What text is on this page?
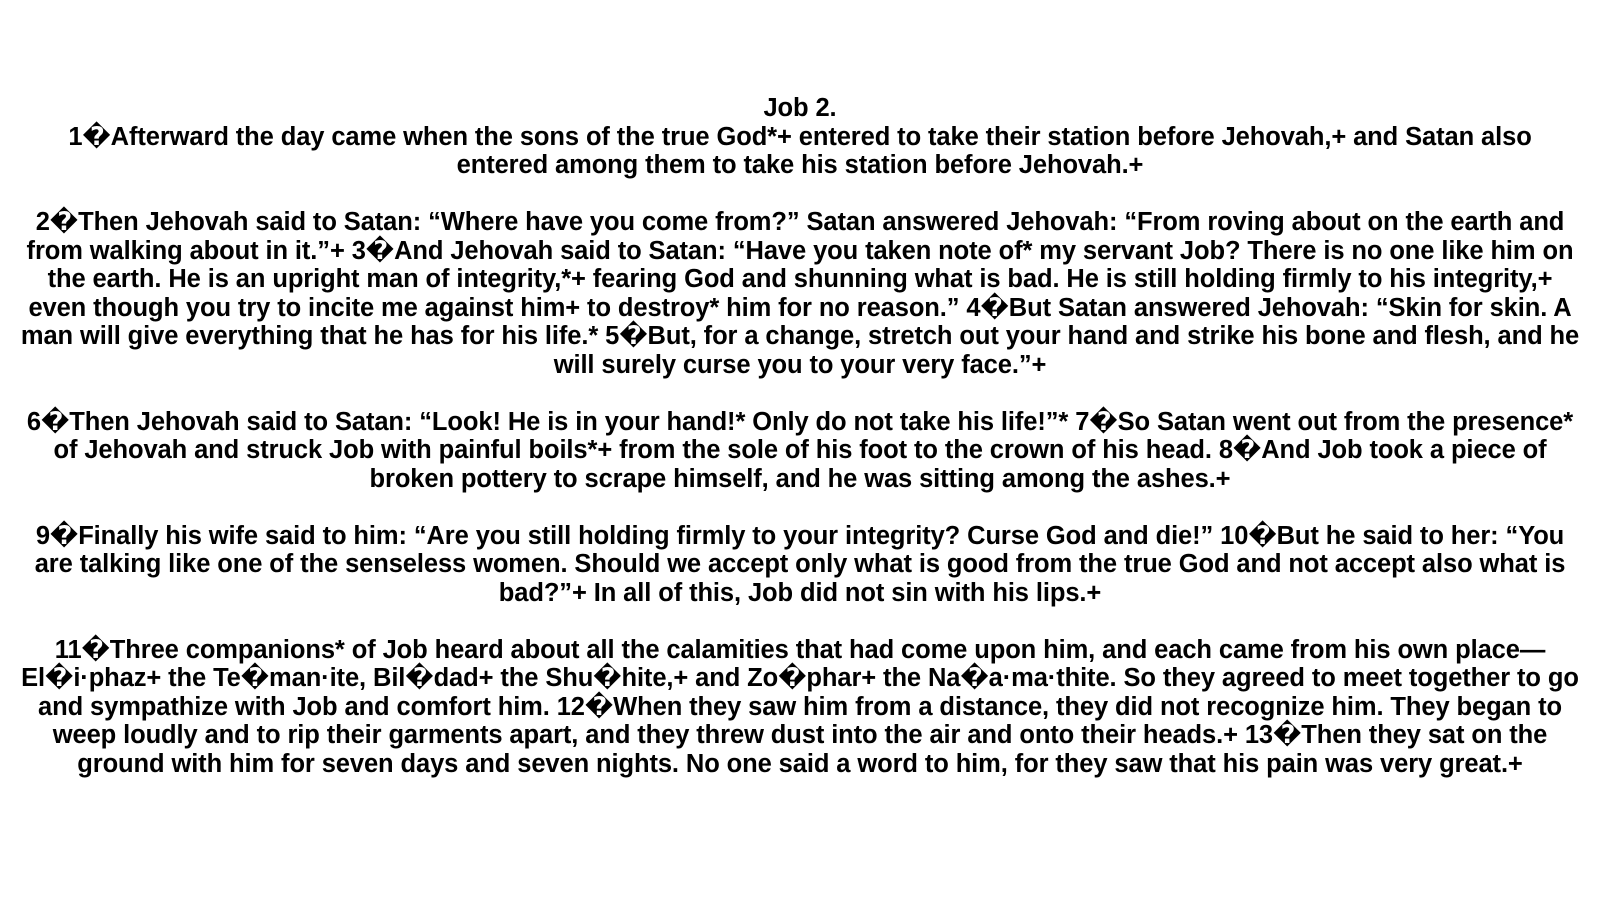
Job 2.

1�Afterward the day came when the sons of the true God*+ entered to take their station before Jehovah,+ and Satan also entered among them to take his station before Jehovah.+

2�Then Jehovah said to Satan: “Where have you come from?” Satan answered Jehovah: “From roving about on the earth and from walking about in it.”+ 3�And Jehovah said to Satan: “Have you taken note of* my servant Job? There is no one like him on the earth. He is an upright man of integrity,*+ fearing God and shunning what is bad. He is still holding firmly to his integrity,+ even though you try to incite me against him+ to destroy* him for no reason.” 4�But Satan answered Jehovah: “Skin for skin. A man will give everything that he has for his life.* 5�But, for a change, stretch out your hand and strike his bone and flesh, and he will surely curse you to your very face.”+

6�Then Jehovah said to Satan: “Look! He is in your hand!* Only do not take his life!”* 7�So Satan went out from the presence* of Jehovah and struck Job with painful boils*+ from the sole of his foot to the crown of his head. 8�And Job took a piece of broken pottery to scrape himself, and he was sitting among the ashes.+

9�Finally his wife said to him: “Are you still holding firmly to your integrity? Curse God and die!” 10�But he said to her: “You are talking like one of the senseless women. Should we accept only what is good from the true God and not accept also what is bad?”+ In all of this, Job did not sin with his lips.+

11�Three companions* of Job heard about all the calamities that had come upon him, and each came from his own place—El�i·phaz+ the Te�man·ite, Bil�dad+ the Shu�hite,+ and Zo�phar+ the Na�a·ma·thite. So they agreed to meet together to go and sympathize with Job and comfort him. 12�When they saw him from a distance, they did not recognize him. They began to weep loudly and to rip their garments apart, and they threw dust into the air and onto their heads.+ 13�Then they sat on the ground with him for seven days and seven nights. No one said a word to him, for they saw that his pain was very great.+
